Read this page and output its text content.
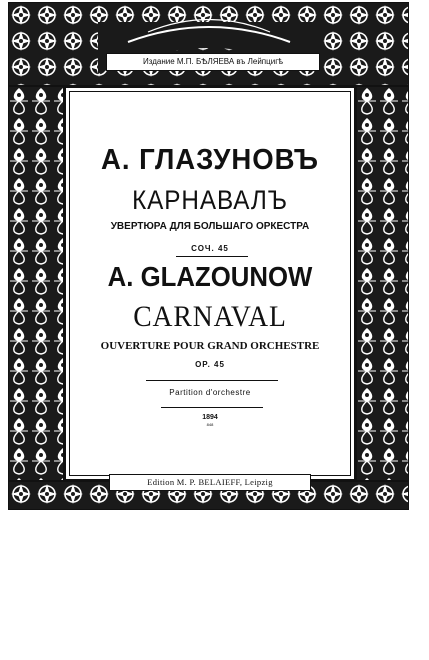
Издание М.П. БѢЛЯЕВА въ Лейпцигѣ
А. ГЛАЗУНОВЪ
КАРНАВАЛЪ
УВЕРТЮРА ДЛЯ БОЛЬШАГО ОРКЕСТРА
СОЧ. 45
A. GLAZOUNOW
CARNAVAL
OUVERTURE POUR GRAND ORCHESTRE
OP. 45
Partition d'orchestre
1894
848
Edition M. P. BELAIEFF, Leipzig
